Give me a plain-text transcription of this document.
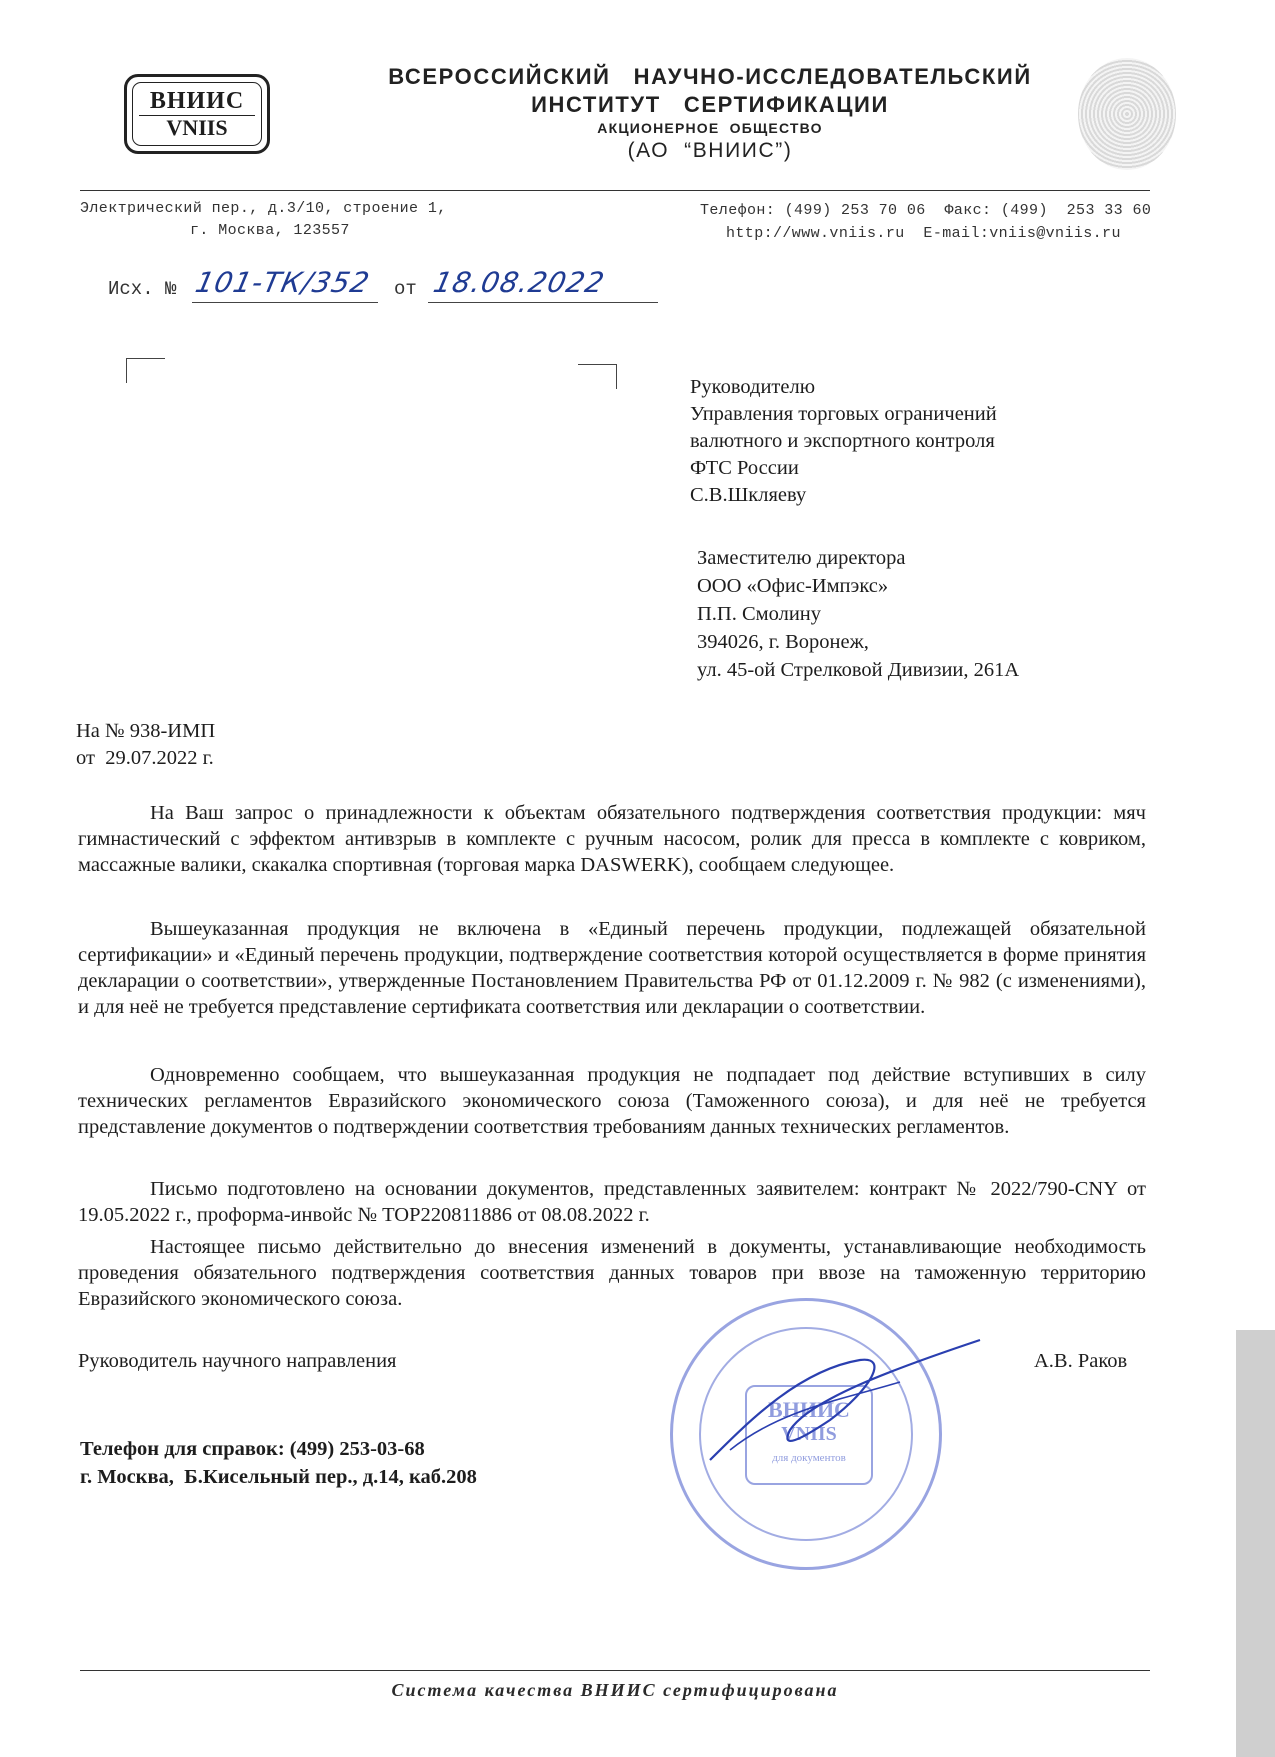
ВНИИС
VNIIS
ВСЕРОССИЙСКИЙ   НАУЧНО-ИССЛЕДОВАТЕЛЬСКИЙ
ИНСТИТУТ   СЕРТИФИКАЦИИ
АКЦИОНЕРНОЕ  ОБЩЕСТВО
(АО  “ВНИИС”)
Электрический пер., д.3/10, строение 1,
г. Москва, 123557
Телефон: (499) 253 70 06  Факс: (499)  253 33 60
http://www.vniis.ru  E-mail:vniis@vniis.ru
Исх. № 101-ТК/352 от 18.08.2022
Руководителю
Управления торговых ограничений
валютного и экспортного контроля
ФТС России
С.В.Шкляеву
Заместителю директора
ООО «Офис-Импэкс»
П.П. Смолину
394026, г. Воронеж,
ул. 45-ой Стрелковой Дивизии, 261А
На № 938-ИМП
от  29.07.2022 г.
На Ваш запрос о принадлежности к объектам обязательного подтверждения соответствия продукции: мяч гимнастический с эффектом антивзрыв в комплекте с ручным насосом, ролик для пресса в комплекте с ковриком, массажные валики, скакалка спортивная (торговая марка DASWERK), сообщаем следующее.
Вышеуказанная продукция не включена в «Единый перечень продукции, подлежащей обязательной сертификации» и «Единый перечень продукции, подтверждение соответствия которой осуществляется в форме принятия декларации о соответствии», утвержденные Постановлением Правительства РФ от 01.12.2009 г. № 982 (с изменениями), и для неё не требуется представление сертификата соответствия или декларации о соответствии.
Одновременно сообщаем, что вышеуказанная продукция не подпадает под действие вступивших в силу технических регламентов Евразийского экономического союза (Таможенного союза), и для неё не требуется представление документов о подтверждении соответствия требованиям данных технических регламентов.
Письмо подготовлено на основании документов, представленных заявителем: контракт № 2022/790-CNY от 19.05.2022 г., проформа-инвойс № TOP220811886 от 08.08.2022 г.
Настоящее письмо действительно до внесения изменений в документы, устанавливающие необходимость проведения обязательного подтверждения соответствия данных товаров при ввозе на таможенную территорию Евразийского экономического союза.
Руководитель научного направления	А.В. Раков
ВНИИС
VNIIS
для документов
Телефон для справок: (499) 253-03-68
г. Москва,  Б.Кисельный пер., д.14, каб.208
Система качества ВНИИС сертифицирована
